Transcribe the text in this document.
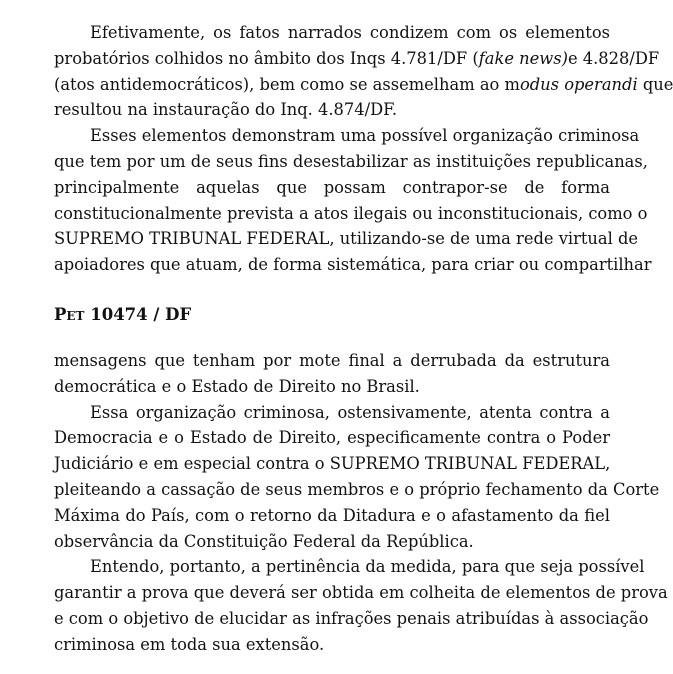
Efetivamente, os fatos narrados condizem com os elementos
probatórios colhidos no âmbito dos Inqs 4.781/DF (fake news)e 4.828/DF
(atos antidemocráticos), bem como se assemelham ao modus operandi que
resultou na instauração do Inq. 4.874/DF.
Esses elementos demonstram uma possível organização criminosa
que tem por um de seus fins desestabilizar as instituições republicanas,
principalmente aquelas que possam contrapor-se de forma
constitucionalmente prevista a atos ilegais ou inconstitucionais, como o
SUPREMO TRIBUNAL FEDERAL, utilizando-se de uma rede virtual de
apoiadores que atuam, de forma sistemática, para criar ou compartilhar
Pet 10474 / DF
mensagens que tenham por mote final a derrubada da estrutura
democrática e o Estado de Direito no Brasil.
Essa organização criminosa, ostensivamente, atenta contra a
Democracia e o Estado de Direito, especificamente contra o Poder
Judiciário e em especial contra o SUPREMO TRIBUNAL FEDERAL,
pleiteando a cassação de seus membros e o próprio fechamento da Corte
Máxima do País, com o retorno da Ditadura e o afastamento da fiel
observância da Constituição Federal da República.
Entendo, portanto, a pertinência da medida, para que seja possível
garantir a prova que deverá ser obtida em colheita de elementos de prova
e com o objetivo de elucidar as infrações penais atribuídas à associação
criminosa em toda sua extensão.
